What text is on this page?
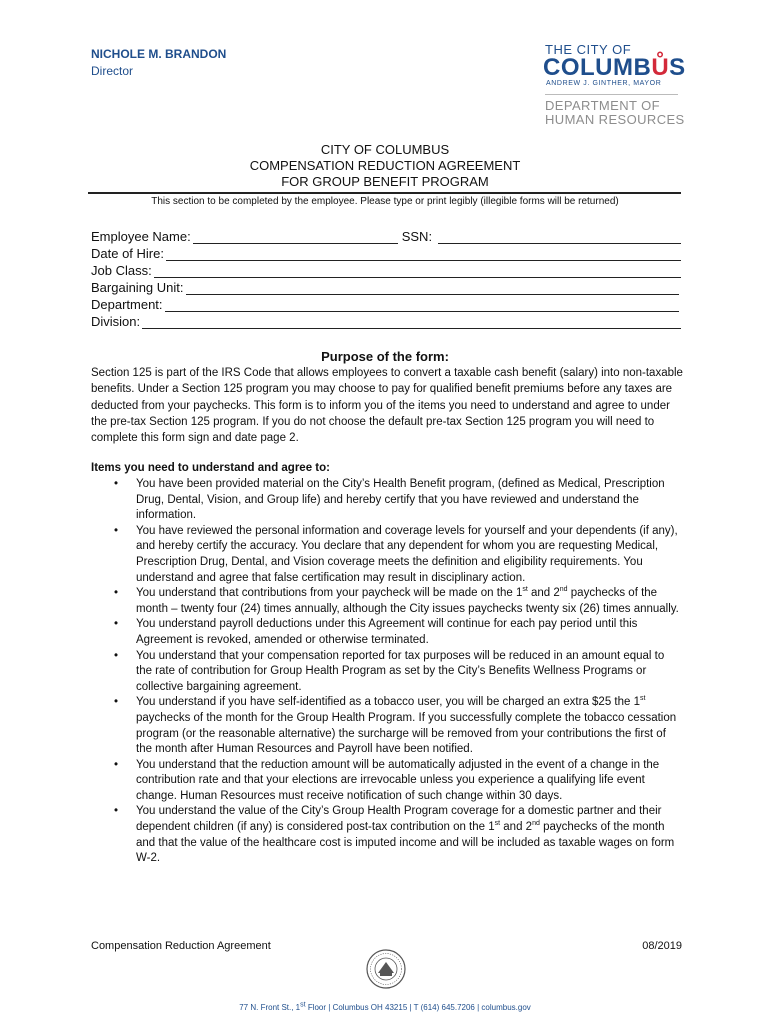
NICHOLE M. BRANDON
Director
THE CITY OF
COLUMBŮS
ANDREW J. GINTHER, MAYOR
DEPARTMENT OF
HUMAN RESOURCES
CITY OF COLUMBUS
COMPENSATION REDUCTION AGREEMENT
FOR GROUP BENEFIT PROGRAM
This section to be completed by the employee. Please type or print legibly (illegible forms will be returned)
Employee Name:	SSN:
Date of Hire:
Job Class:
Bargaining Unit:
Department:
Division:
Purpose of the form:
Section 125 is part of the IRS Code that allows employees to convert a taxable cash benefit (salary) into non-taxable benefits. Under a Section 125 program you may choose to pay for qualified benefit premiums before any taxes are deducted from your paychecks. This form is to inform you of the items you need to understand and agree to under the pre-tax Section 125 program. If you do not choose the default pre-tax Section 125 program you will need to complete this form sign and date page 2.
Items you need to understand and agree to:
• You have been provided material on the City’s Health Benefit program, (defined as Medical, Prescription Drug, Dental, Vision, and Group life) and hereby certify that you have reviewed and understand the information.
• You have reviewed the personal information and coverage levels for yourself and your dependents (if any), and hereby certify the accuracy. You declare that any dependent for whom you are requesting Medical, Prescription Drug, Dental, and Vision coverage meets the definition and eligibility requirements. You understand and agree that false certification may result in disciplinary action.
• You understand that contributions from your paycheck will be made on the 1st and 2nd paychecks of the month – twenty four (24) times annually, although the City issues paychecks twenty six (26) times annually.
• You understand payroll deductions under this Agreement will continue for each pay period until this Agreement is revoked, amended or otherwise terminated.
• You understand that your compensation reported for tax purposes will be reduced in an amount equal to the rate of contribution for Group Health Program as set by the City’s Benefits Wellness Programs or collective bargaining agreement.
• You understand if you have self-identified as a tobacco user, you will be charged an extra $25 the 1st paychecks of the month for the Group Health Program. If you successfully complete the tobacco cessation program (or the reasonable alternative) the surcharge will be removed from your contributions the first of the month after Human Resources and Payroll have been notified.
• You understand that the reduction amount will be automatically adjusted in the event of a change in the contribution rate and that your elections are irrevocable unless you experience a qualifying life event change. Human Resources must receive notification of such change within 30 days.
• You understand the value of the City’s Group Health Program coverage for a domestic partner and their dependent children (if any) is considered post-tax contribution on the 1st and 2nd paychecks of the month and that the value of the healthcare cost is imputed income and will be included as taxable wages on form W-2.
Compensation Reduction Agreement	08/2019
77 N. Front St., 1st Floor | Columbus OH 43215 | T (614) 645.7206 | columbus.gov
